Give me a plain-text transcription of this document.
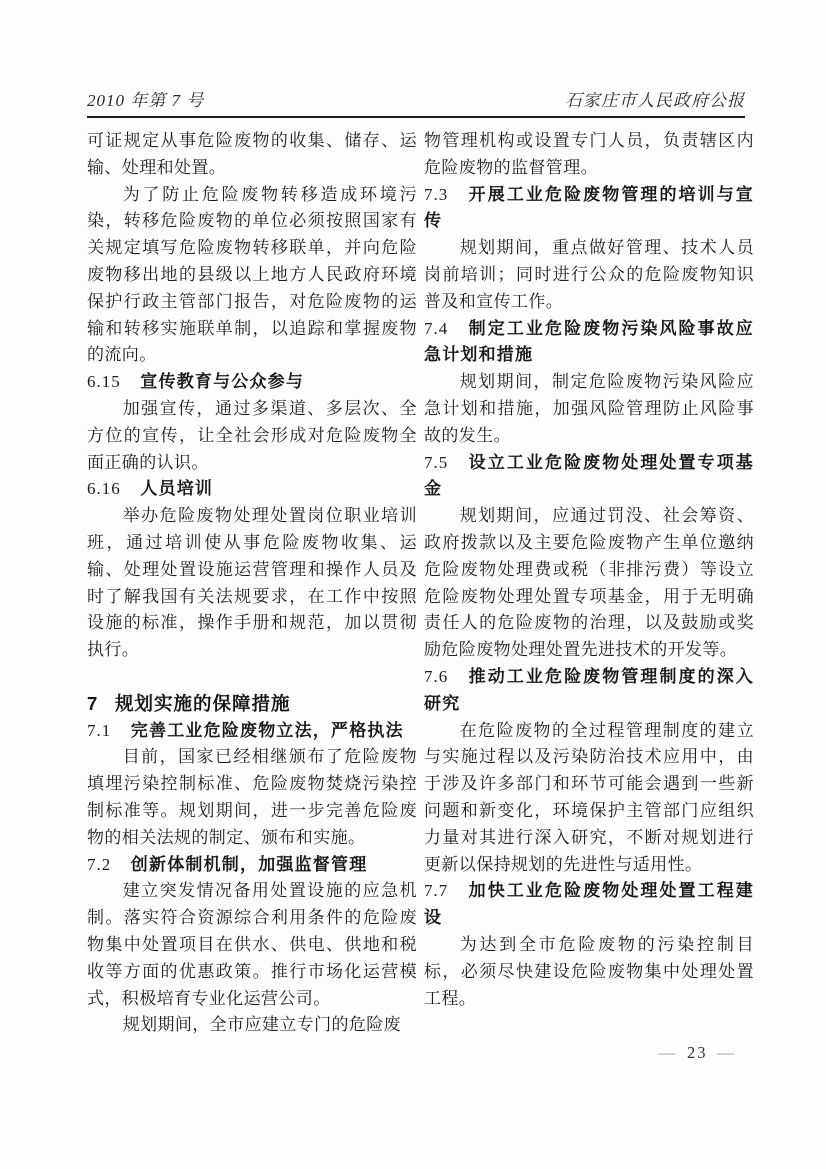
2010 年第 7 号	石家庄市人民政府公报

可证规定从事危险废物的收集、储存、运输、处理和处置。

为了防止危险废物转移造成环境污染，转移危险废物的单位必须按照国家有关规定填写危险废物转移联单，并向危险废物移出地的县级以上地方人民政府环境保护行政主管部门报告，对危险废物的运输和转移实施联单制，以追踪和掌握废物的流向。

6.15 宣传教育与公众参与

加强宣传，通过多渠道、多层次、全方位的宣传，让全社会形成对危险废物全面正确的认识。

6.16 人员培训

举办危险废物处理处置岗位职业培训班，通过培训使从事危险废物收集、运输、处理处置设施运营管理和操作人员及时了解我国有关法规要求，在工作中按照设施的标准，操作手册和规范，加以贯彻执行。

7 规划实施的保障措施
7.1 完善工业危险废物立法，严格执法

目前，国家已经相继颁布了危险废物填埋污染控制标准、危险废物焚烧污染控制标准等。规划期间，进一步完善危险废物的相关法规的制定、颁布和实施。

7.2 创新体制机制，加强监督管理

建立突发情况备用处置设施的应急机制。落实符合资源综合利用条件的危险废物集中处置项目在供水、供电、供地和税收等方面的优惠政策。推行市场化运营模式，积极培育专业化运营公司。

规划期间，全市应建立专门的危险废

物管理机构或设置专门人员，负责辖区内危险废物的监督管理。

7.3 开展工业危险废物管理的培训与宣传

规划期间，重点做好管理、技术人员岗前培训；同时进行公众的危险废物知识普及和宣传工作。

7.4 制定工业危险废物污染风险事故应急计划和措施

规划期间，制定危险废物污染风险应急计划和措施，加强风险管理防止风险事故的发生。

7.5 设立工业危险废物处理处置专项基金

规划期间，应通过罚没、社会筹资、政府拨款以及主要危险废物产生单位邀纳危险废物处理费或税（非排污费）等设立危险废物处理处置专项基金，用于无明确责任人的危险废物的治理，以及鼓励或奖励危险废物处理处置先进技术的开发等。

7.6 推动工业危险废物管理制度的深入研究

在危险废物的全过程管理制度的建立与实施过程以及污染防治技术应用中，由于涉及许多部门和环节可能会遇到一些新问题和新变化，环境保护主管部门应组织力量对其进行深入研究，不断对规划进行更新以保持规划的先进性与适用性。

7.7 加快工业危险废物处理处置工程建设

为达到全市危险废物的污染控制目标，必须尽快建设危险废物集中处理处置工程。

— 23 —
